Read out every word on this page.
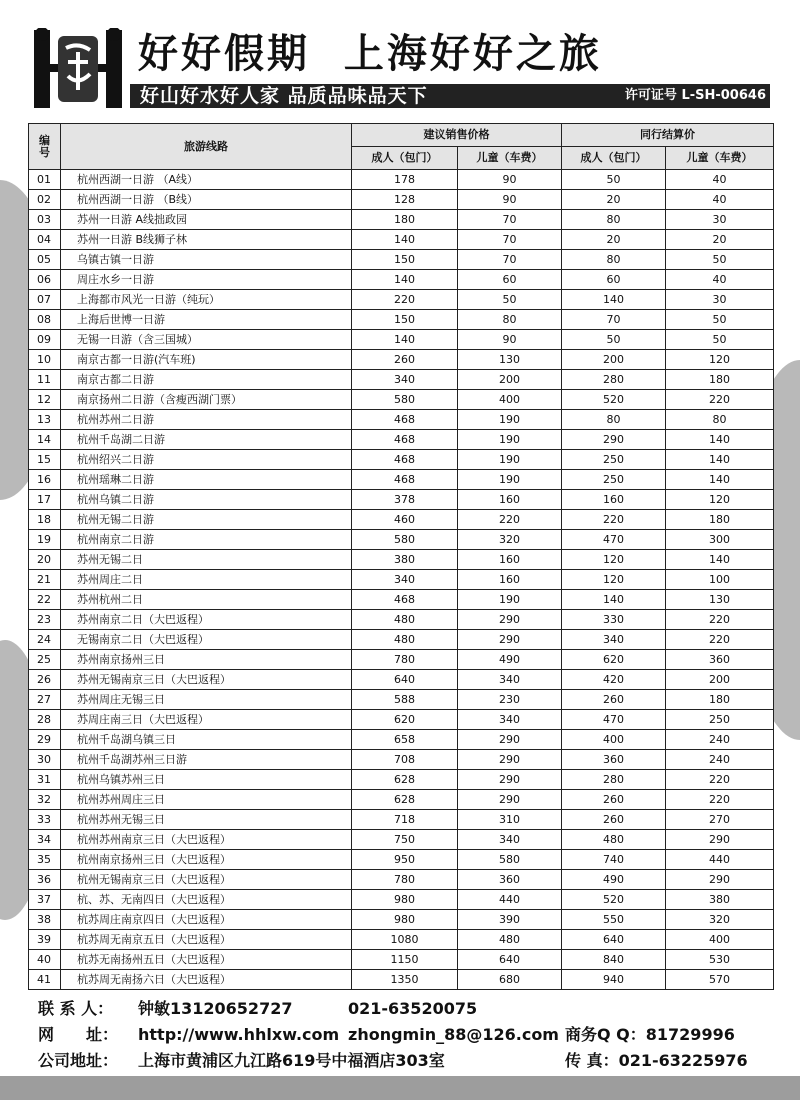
好好假期  上海好好之旅
好山好水好人家 品质品味品天下	许可证号 L-SH-00646
编号	旅游线路	建议销售价格		同行结算价	
		成人（包门）	儿童（车费）	成人（包门）	儿童（车费）
01	杭州西湖一日游 （A线）	178	90	50	40
02	杭州西湖一日游 （B线）	128	90	20	40
03	苏州一日游 A线拙政园	180	70	80	30
04	苏州一日游 B线狮子林	140	70	20	20
05	乌镇古镇一日游	150	70	80	50
06	周庄水乡一日游	140	60	60	40
07	上海都市风光一日游（纯玩）	220	50	140	30
08	上海后世博一日游	150	80	70	50
09	无锡一日游（含三国城）	140	90	50	50
10	南京古都一日游(汽车班)	260	130	200	120
11	南京古都二日游	340	200	280	180
12	南京扬州二日游（含瘦西湖门票）	580	400	520	220
13	杭州苏州二日游	468	190	80	80
14	杭州千岛湖二日游	468	190	290	140
15	杭州绍兴二日游	468	190	250	140
16	杭州瑶琳二日游	468	190	250	140
17	杭州乌镇二日游	378	160	160	120
18	杭州无锡二日游	460	220	220	180
19	杭州南京二日游	580	320	470	300
20	苏州无锡二日	380	160	120	140
21	苏州周庄二日	340	160	120	100
22	苏州杭州二日	468	190	140	130
23	苏州南京二日（大巴返程）	480	290	330	220
24	无锡南京二日（大巴返程）	480	290	340	220
25	苏州南京扬州三日	780	490	620	360
26	苏州无锡南京三日（大巴返程）	640	340	420	200
27	苏州周庄无锡三日	588	230	260	180
28	苏周庄南三日（大巴返程）	620	340	470	250
29	杭州千岛湖乌镇三日	658	290	400	240
30	杭州千岛湖苏州三日游	708	290	360	240
31	杭州乌镇苏州三日	628	290	280	220
32	杭州苏州周庄三日	628	290	260	220
33	杭州苏州无锡三日	718	310	260	270
34	杭州苏州南京三日（大巴返程）	750	340	480	290
35	杭州南京扬州三日（大巴返程）	950	580	740	440
36	杭州无锡南京三日（大巴返程）	780	360	490	290
37	杭、苏、无南四日（大巴返程）	980	440	520	380
38	杭苏周庄南京四日（大巴返程）	980	390	550	320
39	杭苏周无南京五日（大巴返程）	1080	480	640	400
40	杭苏无南扬州五日（大巴返程）	1150	640	840	530
41	杭苏周无南扬六日（大巴返程）	1350	680	940	570
联 系 人： 钟敏13120652727	021-63520075
网　　址： http://www.hhlxw.com zhongmin_88@126.com 商务Q Q：81729996
公司地址： 上海市黄浦区九江路619号中福酒店303室	传 真：021-63225976
